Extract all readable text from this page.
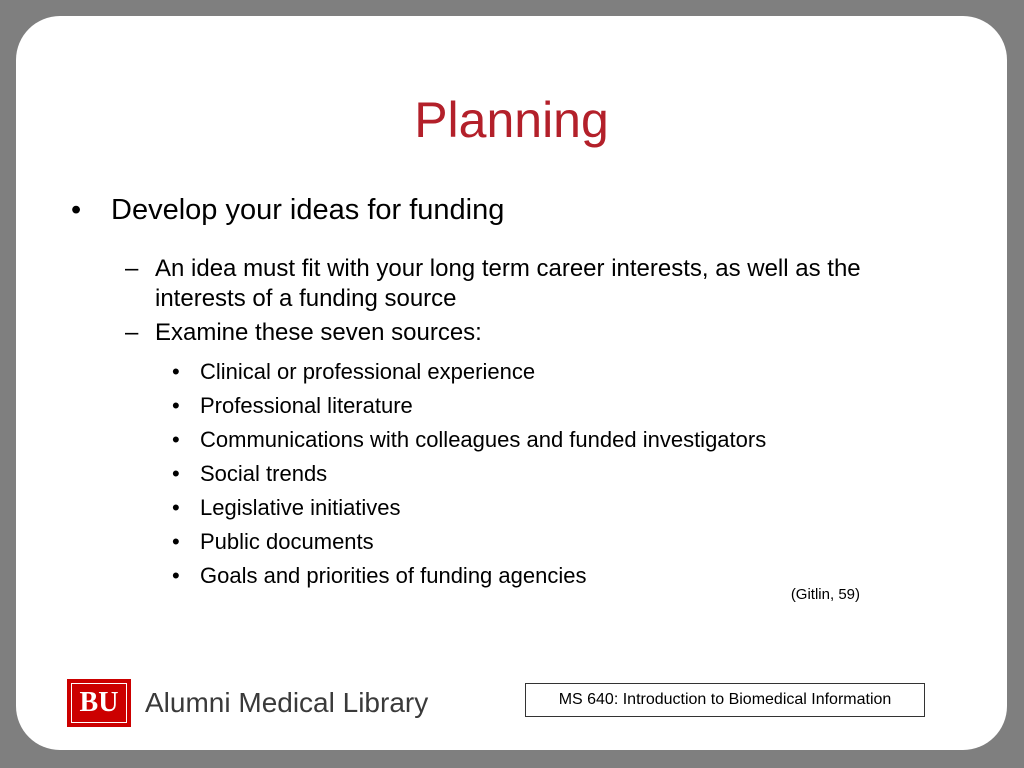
Planning
• Develop your ideas for funding
– An idea must fit with your long term career interests, as well as the interests of a funding source
– Examine these seven sources:
• Clinical or professional experience
• Professional literature
• Communications with colleagues and funded investigators
• Social trends
• Legislative initiatives
• Public documents
• Goals and priorities of funding agencies
(Gitlin, 59)
BU Alumni Medical Library	MS 640: Introduction to Biomedical Information
